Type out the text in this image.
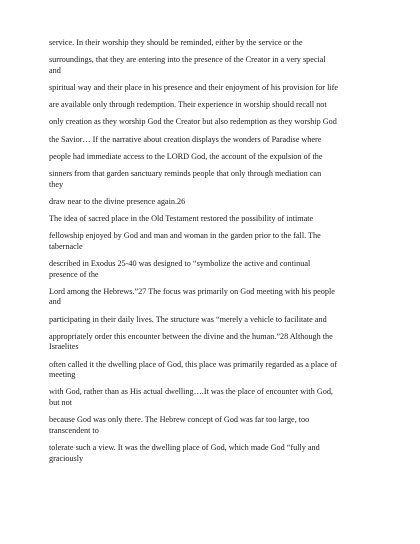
service. In their worship they should be reminded, either by the service or the
surroundings, that they are entering into the presence of the Creator in a very special
and
spiritual way and their place in his presence and their enjoyment of his provision for life
are available only through redemption. Their experience in worship should recall not
only creation as they worship God the Creator but also redemption as they worship God
the Savior… If the narrative about creation displays the wonders of Paradise where
people had immediate access to the LORD God, the account of the expulsion of the
sinners from that garden sanctuary reminds people that only through mediation can
they
draw near to the divine presence again.26
The idea of sacred place in the Old Testament restored the possibility of intimate
fellowship enjoyed by God and man and woman in the garden prior to the fall. The
tabernacle
described in Exodus 25-40 was designed to “symbolize the active and continual
presence of the
Lord among the Hebrews.”27 The focus was primarily on God meeting with his people
and
participating in their daily lives. The structure was “merely a vehicle to facilitate and
appropriately order this encounter between the divine and the human.”28 Although the
Israelites
often called it the dwelling place of God, this place was primarily regarded as a place of
meeting
with God, rather than as His actual dwelling….It was the place of encounter with God,
but not
because God was only there. The Hebrew concept of God was far too large, too
transcendent to
tolerate such a view. It was the dwelling place of God, which made God “fully and
graciously
